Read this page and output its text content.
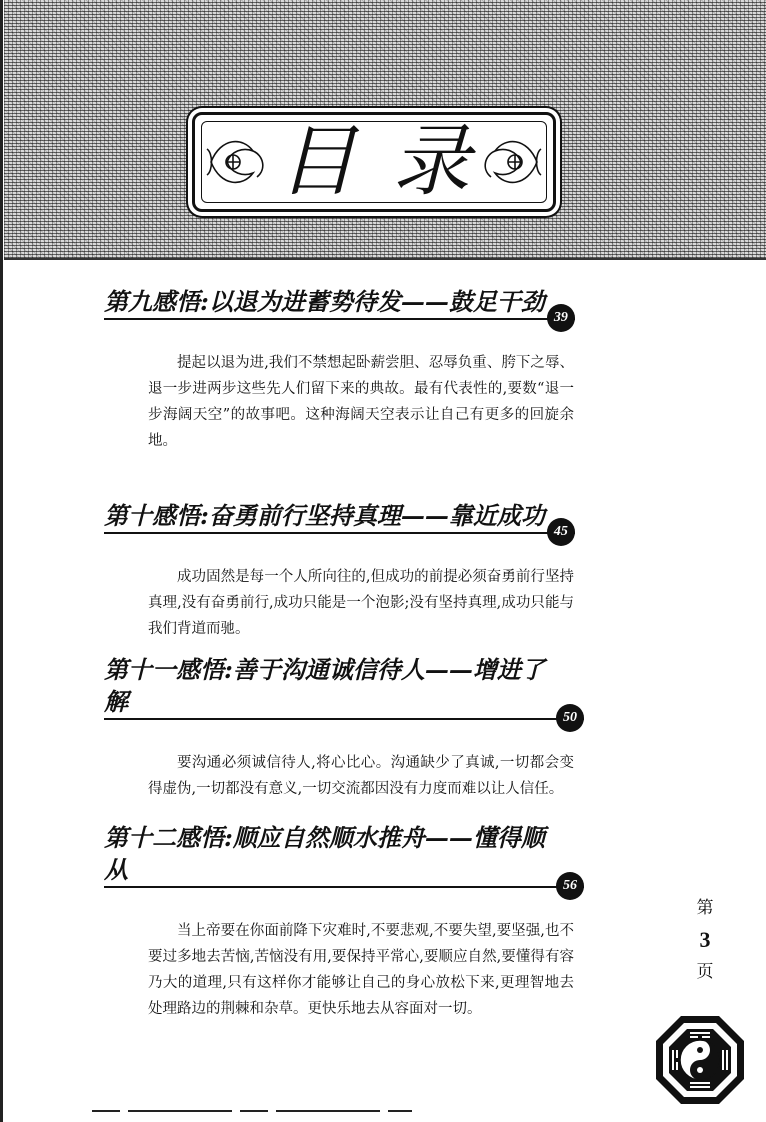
目录
第九感悟:以退为进蓄势待发——鼓足干劲
39
提起以退为进,我们不禁想起卧薪尝胆、忍辱负重、胯下之辱、退一步进两步这些先人们留下来的典故。最有代表性的,要数“退一步海阔天空”的故事吧。这种海阔天空表示让自己有更多的回旋余地。
第十感悟:奋勇前行坚持真理——靠近成功
45
成功固然是每一个人所向往的,但成功的前提必须奋勇前行坚持真理,没有奋勇前行,成功只能是一个泡影;没有坚持真理,成功只能与我们背道而驰。
第十一感悟:善于沟通诚信待人——增进了解
50
要沟通必须诚信待人,将心比心。沟通缺少了真诚,一切都会变得虚伪,一切都没有意义,一切交流都因没有力度而难以让人信任。
第十二感悟:顺应自然顺水推舟——懂得顺从
56
当上帝要在你面前降下灾难时,不要悲观,不要失望,要坚强,也不要过多地去苦恼,苦恼没有用,要保持平常心,要顺应自然,要懂得有容乃大的道理,只有这样你才能够让自己的身心放松下来,更理智地去处理路边的荆棘和杂草。更快乐地去从容面对一切。
第
3
页
